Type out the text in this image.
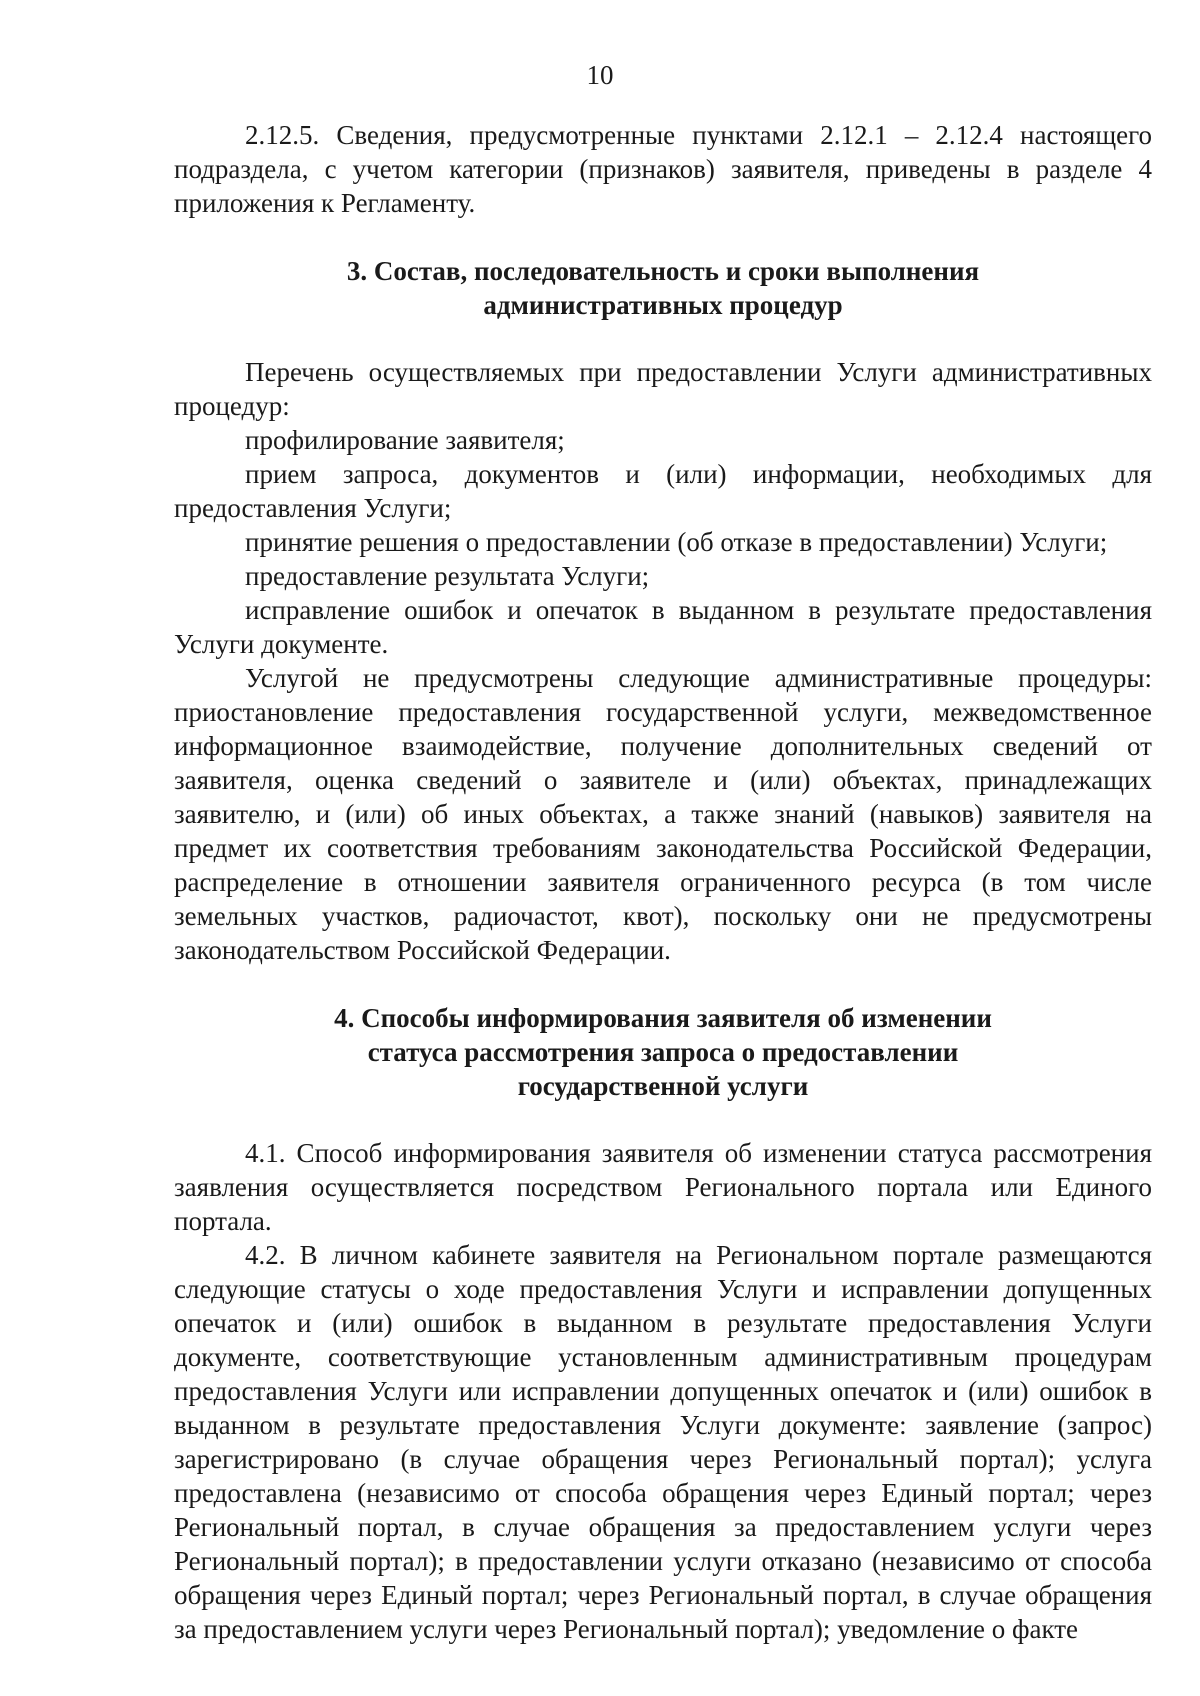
10

2.12.5. Сведения, предусмотренные пунктами 2.12.1 – 2.12.4 настоящего подраздела, с учетом категории (признаков) заявителя, приведены в разделе 4 приложения к Регламенту.

3. Состав, последовательность и сроки выполнения
административных процедур

Перечень осуществляемых при предоставлении Услуги административных процедур:

профилирование заявителя;

прием запроса, документов и (или) информации, необходимых для предоставления Услуги;

принятие решения о предоставлении (об отказе в предоставлении) Услуги;

предоставление результата Услуги;

исправление ошибок и опечаток в выданном в результате предоставления Услуги документе.

Услугой не предусмотрены следующие административные процедуры: приостановление предоставления государственной услуги, межведомственное информационное взаимодействие, получение дополнительных сведений от заявителя, оценка сведений о заявителе и (или) объектах, принадлежащих заявителю, и (или) об иных объектах, а также знаний (навыков) заявителя на предмет их соответствия требованиям законодательства Российской Федерации, распределение в отношении заявителя ограниченного ресурса (в том числе земельных участков, радиочастот, квот), поскольку они не предусмотрены законодательством Российской Федерации.

4. Способы информирования заявителя об изменении
статуса рассмотрения запроса о предоставлении
государственной услуги

4.1. Способ информирования заявителя об изменении статуса рассмотрения заявления осуществляется посредством Регионального портала или Единого портала.

4.2. В личном кабинете заявителя на Региональном портале размещаются следующие статусы о ходе предоставления Услуги и исправлении допущенных опечаток и (или) ошибок в выданном в результате предоставления Услуги документе, соответствующие установленным административным процедурам предоставления Услуги или исправлении допущенных опечаток и (или) ошибок в выданном в результате предоставления Услуги документе: заявление (запрос) зарегистрировано (в случае обращения через Региональный портал); услуга предоставлена (независимо от способа обращения через Единый портал; через Региональный портал, в случае обращения за предоставлением услуги через Региональный портал); в предоставлении услуги отказано (независимо от способа обращения через Единый портал; через Региональный портал, в случае обращения за предоставлением услуги через Региональный портал); уведомление о факте
